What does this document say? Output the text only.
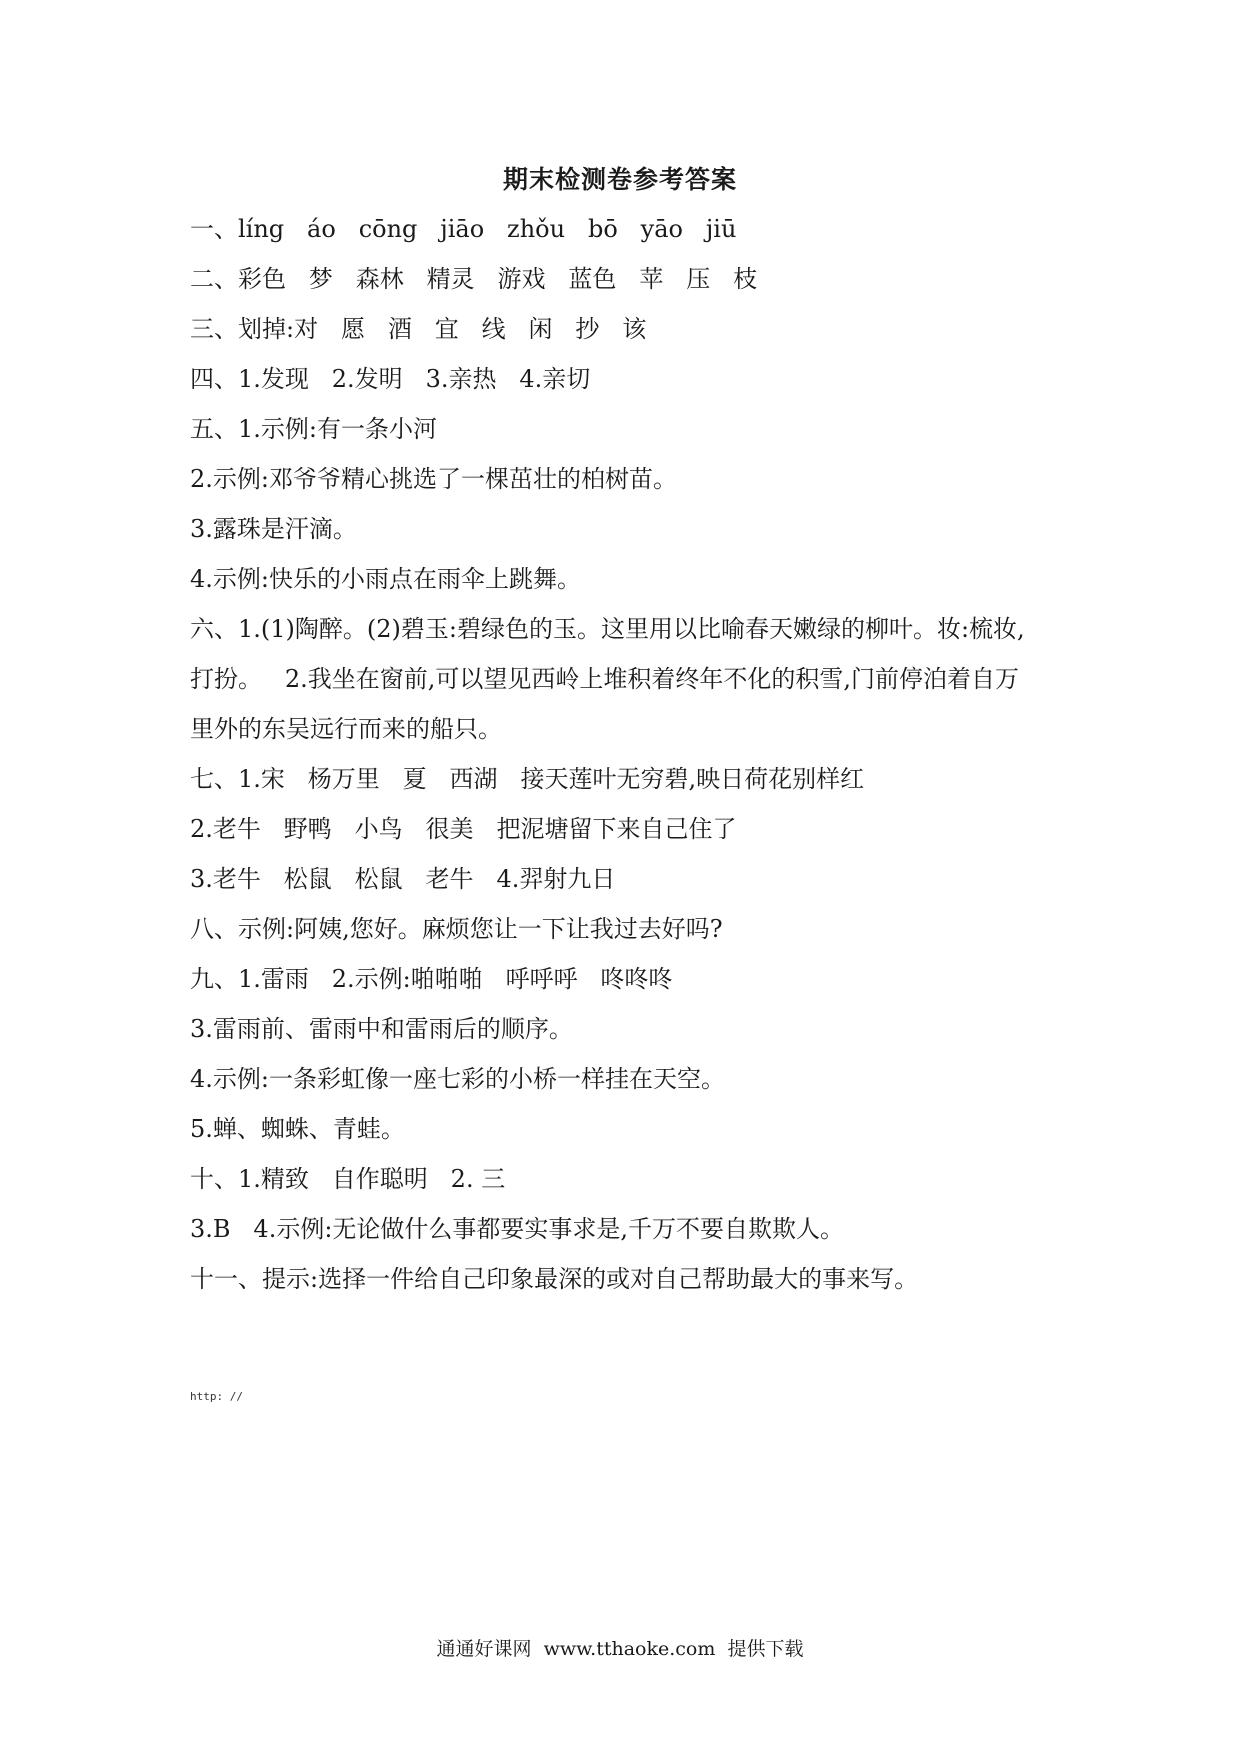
期末检测卷参考答案

一、líng   áo   cōng   jiāo   zhǒu   bō   yāo   jiū

二、彩色   梦   森林   精灵   游戏   蓝色   苹   压   枝

三、划掉:对   愿   酒   宜   线   闲   抄   该

四、1.发现   2.发明   3.亲热   4.亲切

五、1.示例:有一条小河

2.示例:邓爷爷精心挑选了一棵茁壮的柏树苗。

3.露珠是汗滴。

4.示例:快乐的小雨点在雨伞上跳舞。

六、1.(1)陶醉。(2)碧玉:碧绿色的玉。这里用以比喻春天嫩绿的柳叶。妆:梳妆,

打扮。   2.我坐在窗前,可以望见西岭上堆积着终年不化的积雪,门前停泊着自万

里外的东吴远行而来的船只。

七、1.宋   杨万里   夏   西湖   接天莲叶无穷碧,映日荷花别样红

2.老牛   野鸭   小鸟   很美   把泥塘留下来自己住了

3.老牛   松鼠   松鼠   老牛   4.羿射九日

八、示例:阿姨,您好。麻烦您让一下让我过去好吗?

九、1.雷雨   2.示例:啪啪啪   呼呼呼   咚咚咚

3.雷雨前、雷雨中和雷雨后的顺序。

4.示例:一条彩虹像一座七彩的小桥一样挂在天空。

5.蝉、蜘蛛、青蛙。

十、1.精致   自作聪明   2. 三

3.B   4.示例:无论做什么事都要实事求是,千万不要自欺欺人。

十一、提示:选择一件给自己印象最深的或对自己帮助最大的事来写。

http: //
通通好课网  www.tthaoke.com  提供下载
